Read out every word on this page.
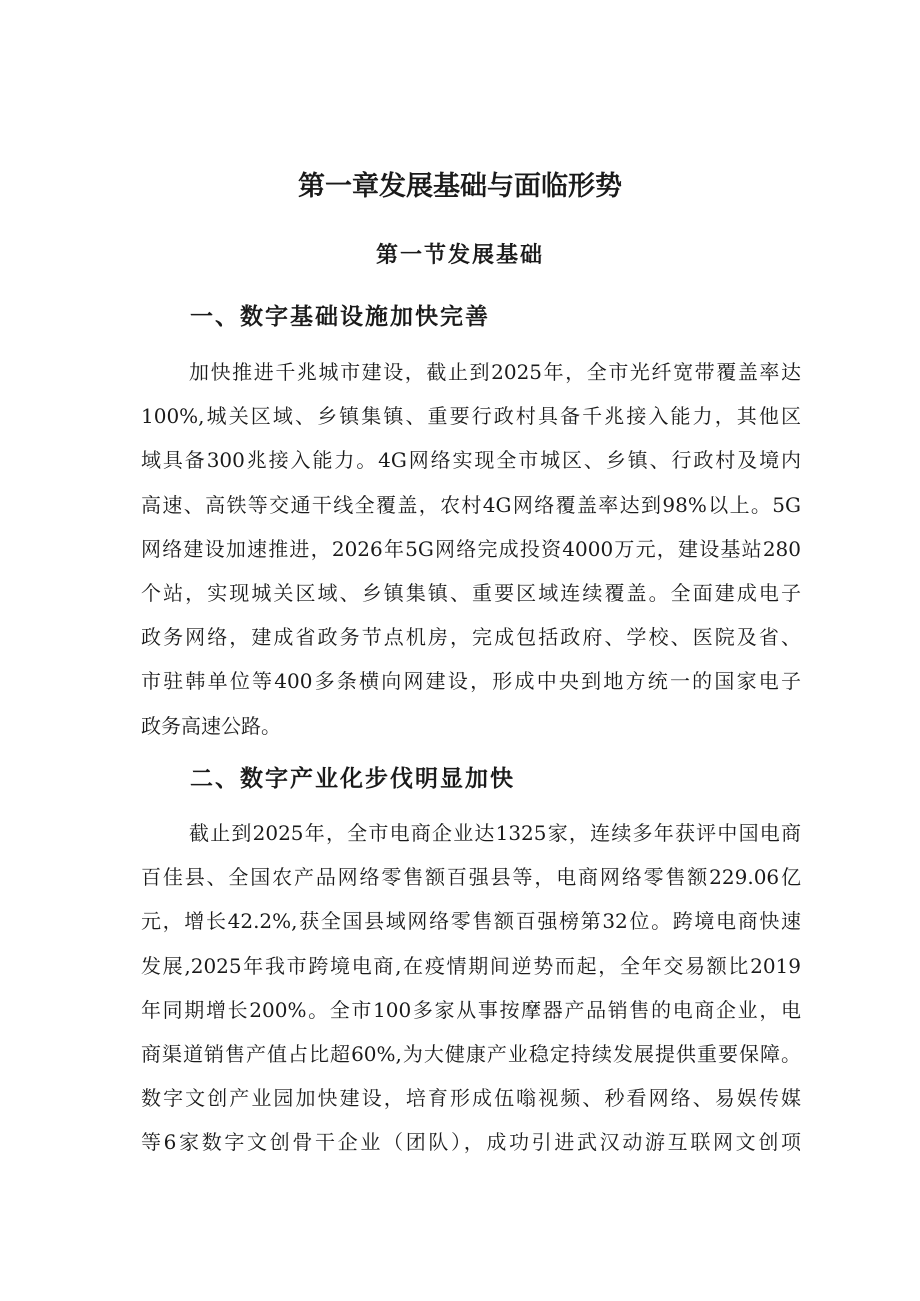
第一章发展基础与面临形势
第一节发展基础
一、数字基础设施加快完善
加快推进千兆城市建设，截止到2025年，全市光纤宽带覆盖率达
100%,城关区域、乡镇集镇、重要行政村具备千兆接入能力，其他区
域具备300兆接入能力。4G网络实现全市城区、乡镇、行政村及境内
高速、高铁等交通干线全覆盖，农村4G网络覆盖率达到98%以上。5G
网络建设加速推进，2026年5G网络完成投资4000万元，建设基站280
个站，实现城关区域、乡镇集镇、重要区域连续覆盖。全面建成电子
政务网络，建成省政务节点机房，完成包括政府、学校、医院及省、
市驻韩单位等400多条横向网建设，形成中央到地方统一的国家电子
政务高速公路。
二、数字产业化步伐明显加快
截止到2025年，全市电商企业达1325家，连续多年获评中国电商
百佳县、全国农产品网络零售额百强县等，电商网络零售额229.06亿
元，增长42.2%,获全国县域网络零售额百强榜第32位。跨境电商快速
发展,2025年我市跨境电商,在疫情期间逆势而起，全年交易额比2019
年同期增长200%。全市100多家从事按摩器产品销售的电商企业，电
商渠道销售产值占比超60%,为大健康产业稳定持续发展提供重要保障。
数字文创产业园加快建设，培育形成伍嗡视频、秒看网络、易娱传媒
等6家数字文创骨干企业（团队），成功引进武汉动游互联网文创项
